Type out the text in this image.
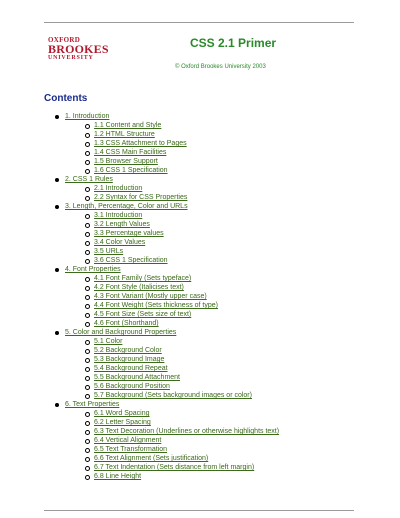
OXFORD
BROOKES
UNIVERSITY
CSS 2.1 Primer
© Oxford Brookes University 2003
Contents
1. Introduction
1.1 Content and Style
1.2 HTML Structure
1.3 CSS Attachment to Pages
1.4 CSS Main Facilities
1.5 Browser Support
1.6 CSS 1 Specification
2. CSS 1 Rules
2.1 Introduction
2.2 Syntax for CSS Properties
3. Length, Percentage, Color and URLs
3.1 Introduction
3.2 Length Values
3.3 Percentage values
3.4 Color Values
3.5 URLs
3.6 CSS 1 Specification
4. Font Properties
4.1 Font Family (Sets typeface)
4.2 Font Style (Italicises text)
4.3 Font Variant (Mostly upper case)
4.4 Font Weight (Sets thickness of type)
4.5 Font Size (Sets size of text)
4.6 Font (Shorthand)
5. Color and Background Properties
5.1 Color
5.2 Background Color
5.3 Background Image
5.4 Background Repeat
5.5 Background Attachment
5.6 Background Position
5.7 Background (Sets background images or color)
6. Text Properties
6.1 Word Spacing
6.2 Letter Spacing
6.3 Text Decoration (Underlines or otherwise highlights text)
6.4 Vertical Alignment
6.5 Text Transformation
6.6 Text Alignment (Sets justification)
6.7 Text Indentation (Sets distance from left margin)
6.8 Line Height
